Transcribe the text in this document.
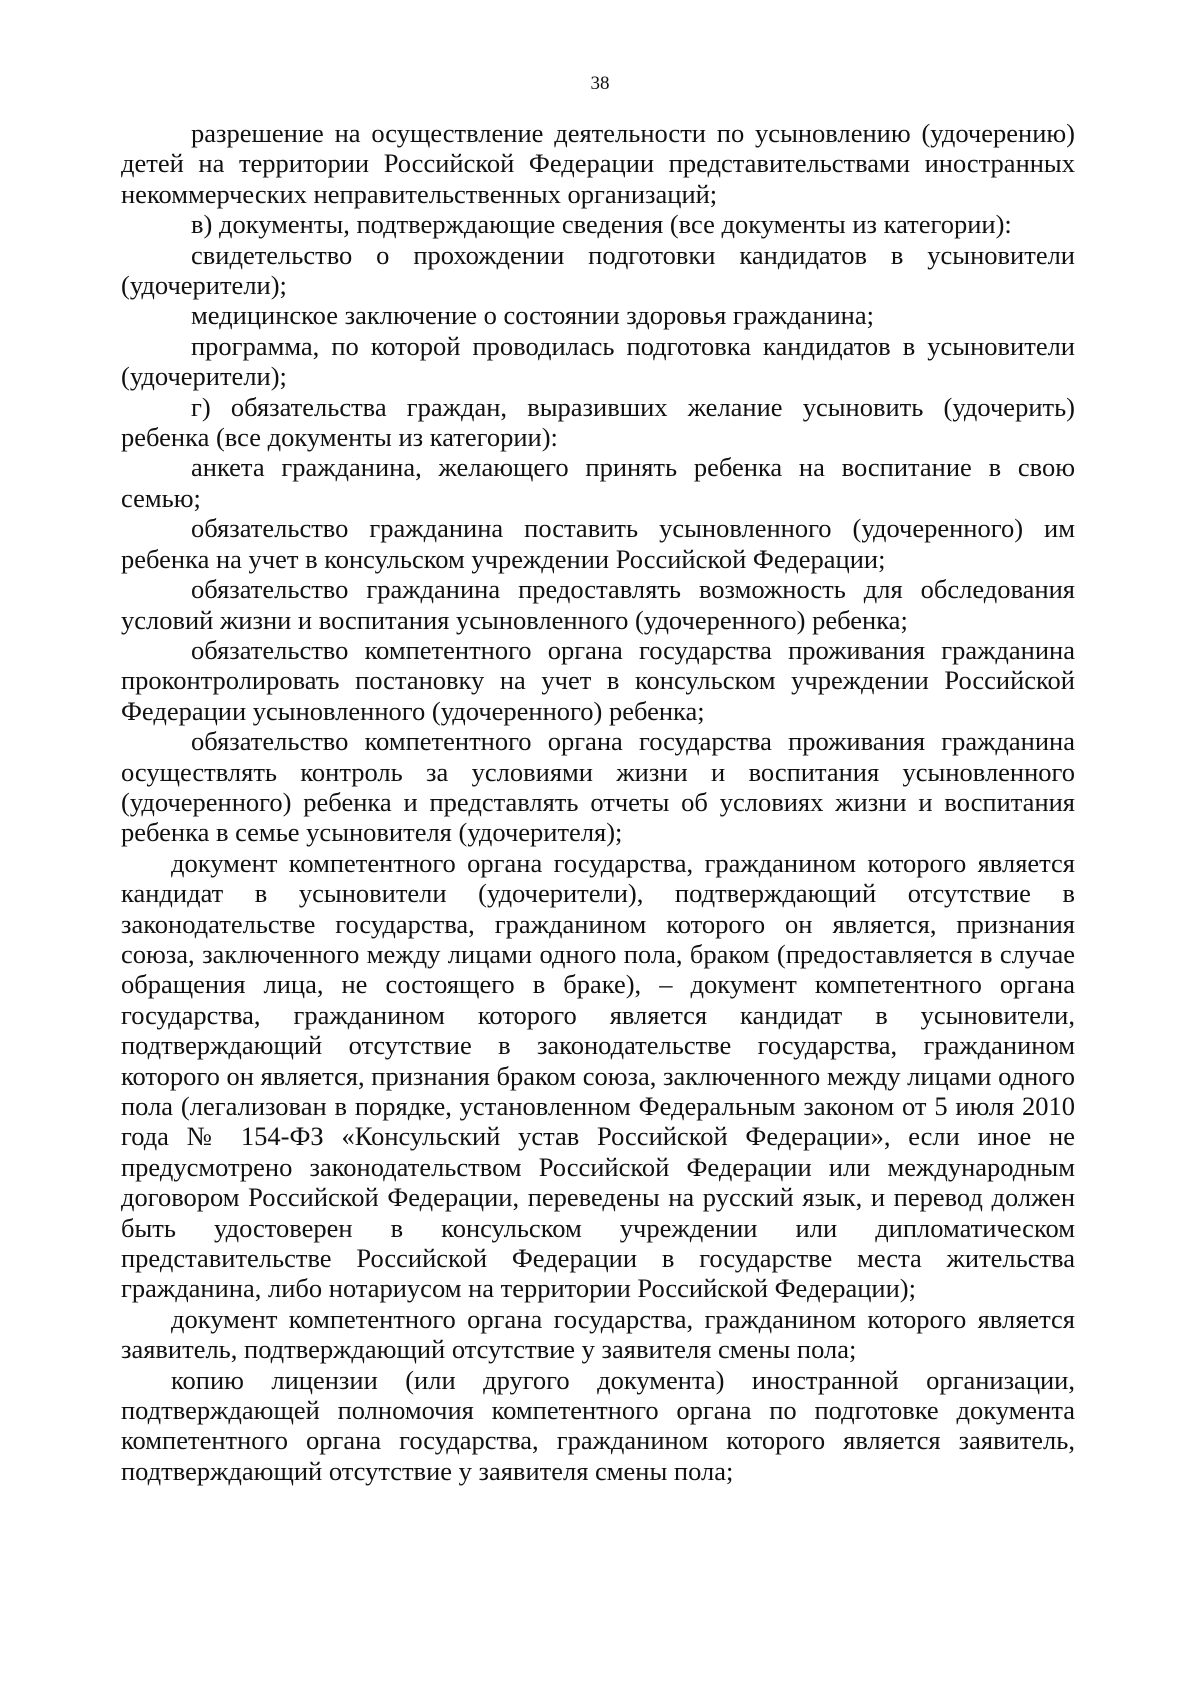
38

разрешение на осуществление деятельности по усыновлению (удочерению) детей на территории Российской Федерации представительствами иностранных некоммерческих неправительственных организаций;

в) документы, подтверждающие сведения (все документы из категории):

свидетельство о прохождении подготовки кандидатов в усыновители (удочерители);

медицинское заключение о состоянии здоровья гражданина;

программа, по которой проводилась подготовка кандидатов в усыновители (удочерители);

г) обязательства граждан, выразивших желание усыновить (удочерить) ребенка (все документы из категории):

анкета гражданина, желающего принять ребенка на воспитание в свою семью;

обязательство гражданина поставить усыновленного (удочеренного) им ребенка на учет в консульском учреждении Российской Федерации;

обязательство гражданина предоставлять возможность для обследования условий жизни и воспитания усыновленного (удочеренного) ребенка;

обязательство компетентного органа государства проживания гражданина проконтролировать постановку на учет в консульском учреждении Российской Федерации усыновленного (удочеренного) ребенка;

обязательство компетентного органа государства проживания гражданина осуществлять контроль за условиями жизни и воспитания усыновленного (удочеренного) ребенка и представлять отчеты об условиях жизни и воспитания ребенка в семье усыновителя (удочерителя);

документ компетентного органа государства, гражданином которого является кандидат в усыновители (удочерители), подтверждающий отсутствие в законодательстве государства, гражданином которого он является, признания союза, заключенного между лицами одного пола, браком (предоставляется в случае обращения лица, не состоящего в браке), – документ компетентного органа государства, гражданином которого является кандидат в усыновители, подтверждающий отсутствие в законодательстве государства, гражданином которого он является, признания браком союза, заключенного между лицами одного пола (легализован в порядке, установленном Федеральным законом от 5 июля 2010 года № 154-ФЗ «Консульский устав Российской Федерации», если иное не предусмотрено законодательством Российской Федерации или международным договором Российской Федерации, переведены на русский язык, и перевод должен быть удостоверен в консульском учреждении или дипломатическом представительстве Российской Федерации в государстве места жительства гражданина, либо нотариусом на территории Российской Федерации);

документ компетентного органа государства, гражданином которого является заявитель, подтверждающий отсутствие у заявителя смены пола;

копию лицензии (или другого документа) иностранной организации, подтверждающей полномочия компетентного органа по подготовке документа компетентного органа государства, гражданином которого является заявитель, подтверждающий отсутствие у заявителя смены пола;
